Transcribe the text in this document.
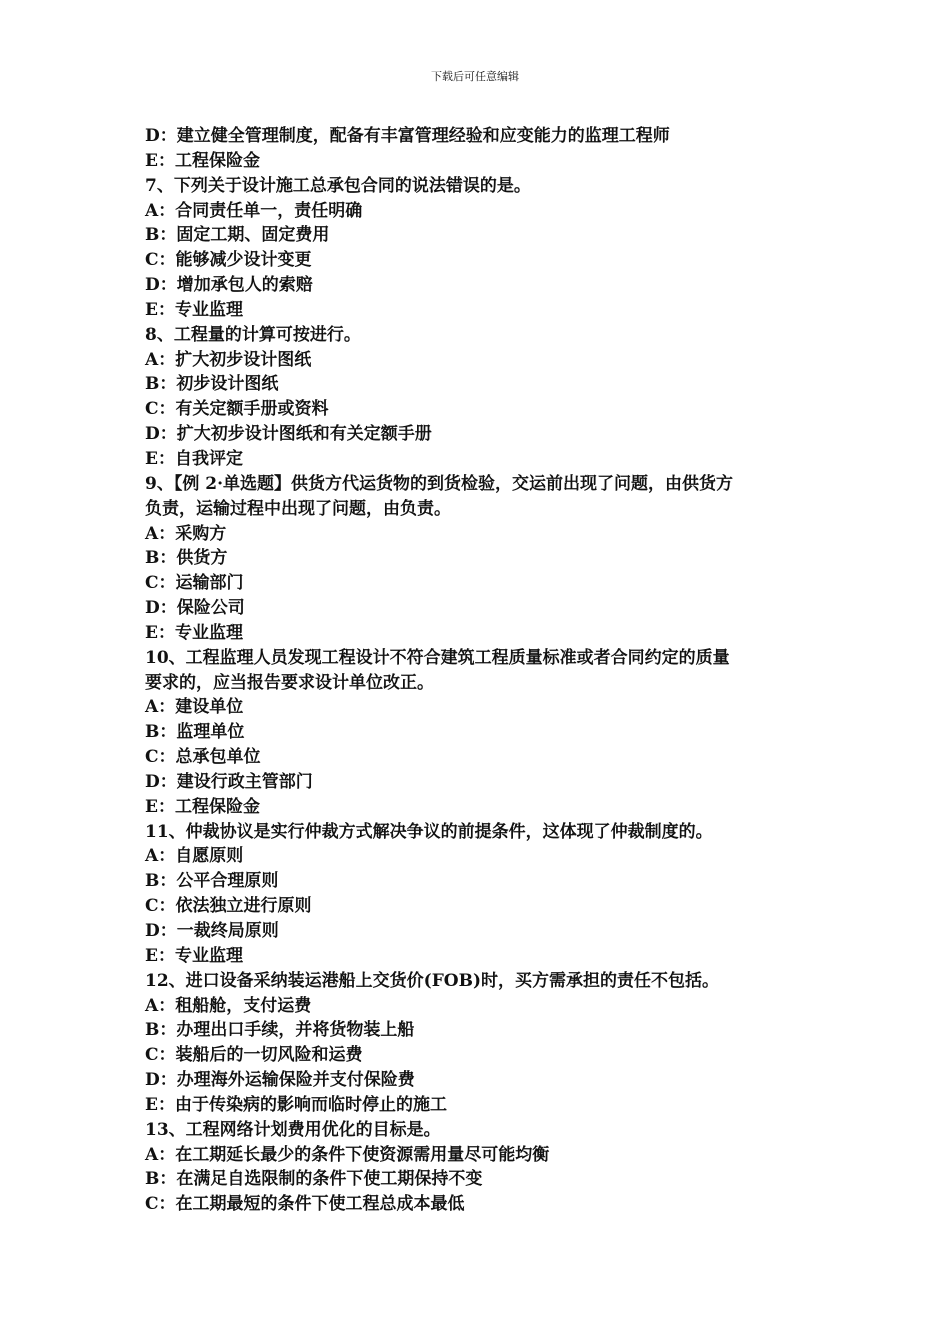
下载后可任意编辑
D：建立健全管理制度，配备有丰富管理经验和应变能力的监理工程师
E：工程保险金
7、下列关于设计施工总承包合同的说法错误的是。
A：合同责任单一，责任明确
B：固定工期、固定费用
C：能够减少设计变更
D：增加承包人的索赔
E：专业监理
8、工程量的计算可按进行。
A：扩大初步设计图纸
B：初步设计图纸
C：有关定额手册或资料
D：扩大初步设计图纸和有关定额手册
E：自我评定
9、【例 2·单选题】供货方代运货物的到货检验，交运前出现了问题，由供货方
负责，运输过程中出现了问题，由负责。
A：采购方
B：供货方
C：运输部门
D：保险公司
E：专业监理
10、工程监理人员发现工程设计不符合建筑工程质量标准或者合同约定的质量
要求的，应当报告要求设计单位改正。
A：建设单位
B：监理单位
C：总承包单位
D：建设行政主管部门
E：工程保险金
11、仲裁协议是实行仲裁方式解决争议的前提条件，这体现了仲裁制度的。
A：自愿原则
B：公平合理原则
C：依法独立进行原则
D：一裁终局原则
E：专业监理
12、进口设备采纳装运港船上交货价(FOB)时，买方需承担的责任不包括。
A：租船舱，支付运费
B：办理出口手续，并将货物装上船
C：装船后的一切风险和运费
D：办理海外运输保险并支付保险费
E：由于传染病的影响而临时停止的施工
13、工程网络计划费用优化的目标是。
A：在工期延长最少的条件下使资源需用量尽可能均衡
B：在满足自选限制的条件下使工期保持不变
C：在工期最短的条件下使工程总成本最低
